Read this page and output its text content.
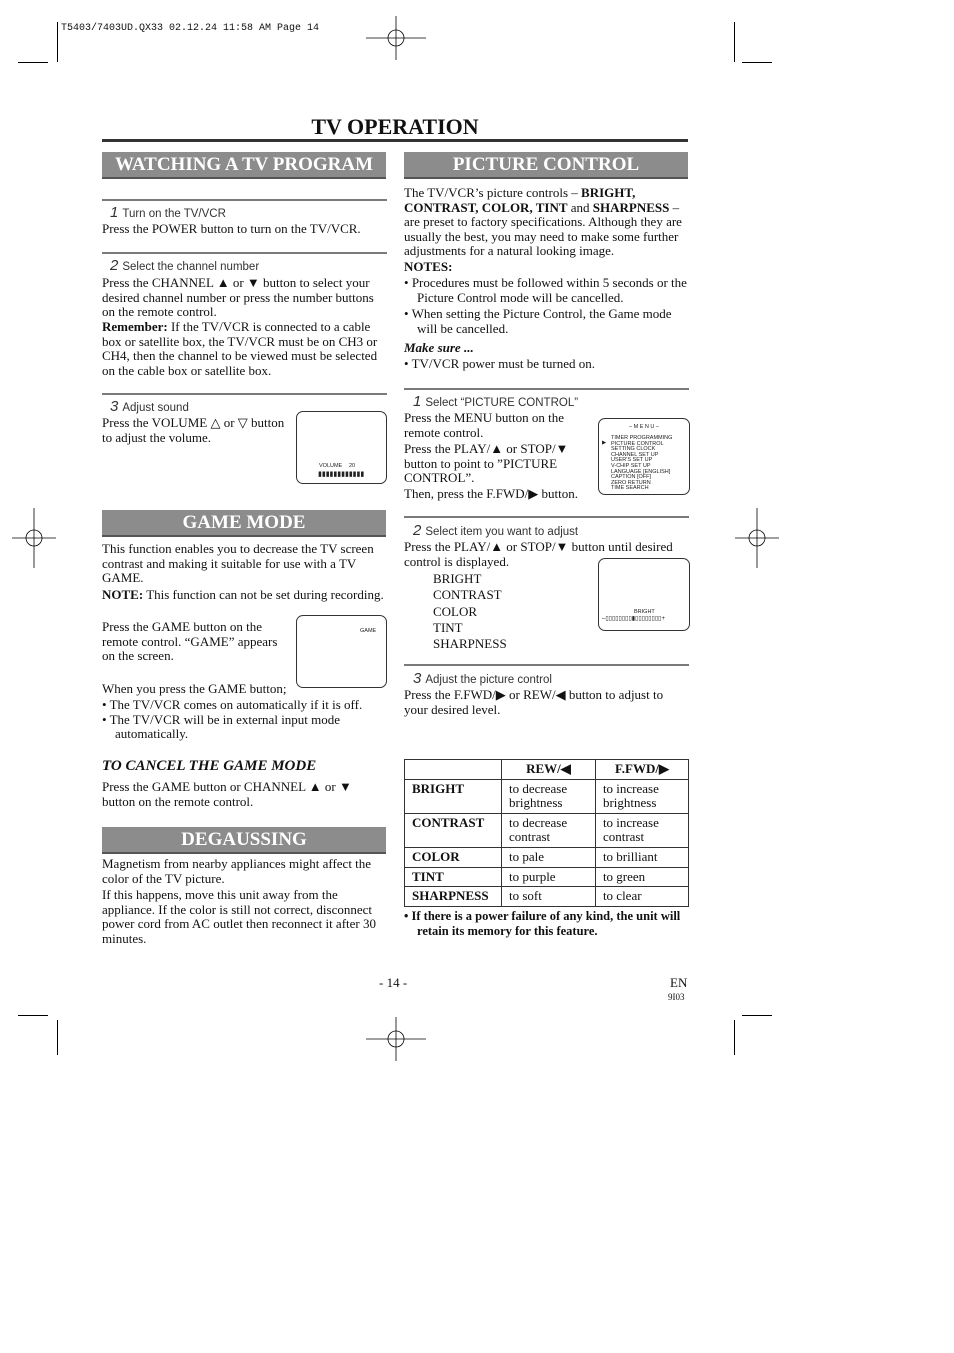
T5403/7403UD.QX33 02.12.24 11:58 AM Page 14
TV OPERATION
WATCHING A TV PROGRAM
1 Turn on the TV/VCR
Press the POWER button to turn on the TV/VCR.
2 Select the channel number
Press the CHANNEL ▲ or ▼ button to select your desired channel number or press the number buttons on the remote control.
Remember: If the TV/VCR is connected to a cable box or satellite box, the TV/VCR must be on CH3 or CH4, then the channel to be viewed must be selected on the cable box or satellite box.
3 Adjust sound
Press the VOLUME △ or ▽ button to adjust the volume.
VOLUME 20
▮▮▮▮▮▮▮▮▮▮▮▮
GAME MODE
This function enables you to decrease the TV screen contrast and making it suitable for use with a TV GAME.
NOTE: This function can not be set during recording.
Press the GAME button on the remote control. “GAME” appears on the screen.
GAME
When you press the GAME button;
• The TV/VCR comes on automatically if it is off.
• The TV/VCR will be in external input mode automatically.
TO CANCEL THE GAME MODE
Press the GAME button or CHANNEL ▲ or ▼ button on the remote control.
DEGAUSSING
Magnetism from nearby appliances might affect the color of the TV picture.
If this happens, move this unit away from the appliance. If the color is still not correct, disconnect power cord from AC outlet then reconnect it after 30 minutes.
PICTURE CONTROL
The TV/VCR’s picture controls – BRIGHT, CONTRAST, COLOR, TINT and SHARPNESS – are preset to factory specifications. Although they are usually the best, you may need to make some further adjustments for a natural looking image.
NOTES:
• Procedures must be followed within 5 seconds or the Picture Control mode will be cancelled.
• When setting the Picture Control, the Game mode will be cancelled.
Make sure ...
• TV/VCR power must be turned on.
1 Select “PICTURE CONTROL”
Press the MENU button on the remote control.
Press the PLAY/▲ or STOP/▼ button to point to ”PICTURE CONTROL”.
Then, press the F.FWD/▶ button.
– M E N U –
▶
TIMER PROGRAMMING
PICTURE CONTROL
SETTING CLOCK
CHANNEL SET UP
USER'S SET UP
V-CHIP SET UP
LANGUAGE [ENGLISH]
CAPTION [OFF]
ZERO RETURN
TIME SEARCH
2 Select item you want to adjust
Press the PLAY/▲ or STOP/▼ button until desired control is displayed.
BRIGHT
CONTRAST
COLOR
TINT
SHARPNESS
BRIGHT
–▯▯▯▯▯▯▯▯▮▯▯▯▯▯▯▯▯+
3 Adjust the picture control
Press the F.FWD/▶ or REW/◀ button to adjust to your desired level.
	REW/◀	F.FWD/▶
BRIGHT	to decrease brightness	to increase brightness
CONTRAST	to decrease contrast	to increase contrast
COLOR	to pale	to brilliant
TINT	to purple	to green
SHARPNESS	to soft	to clear
• If there is a power failure of any kind, the unit will retain its memory for this feature.
- 14 -	EN
9I03
